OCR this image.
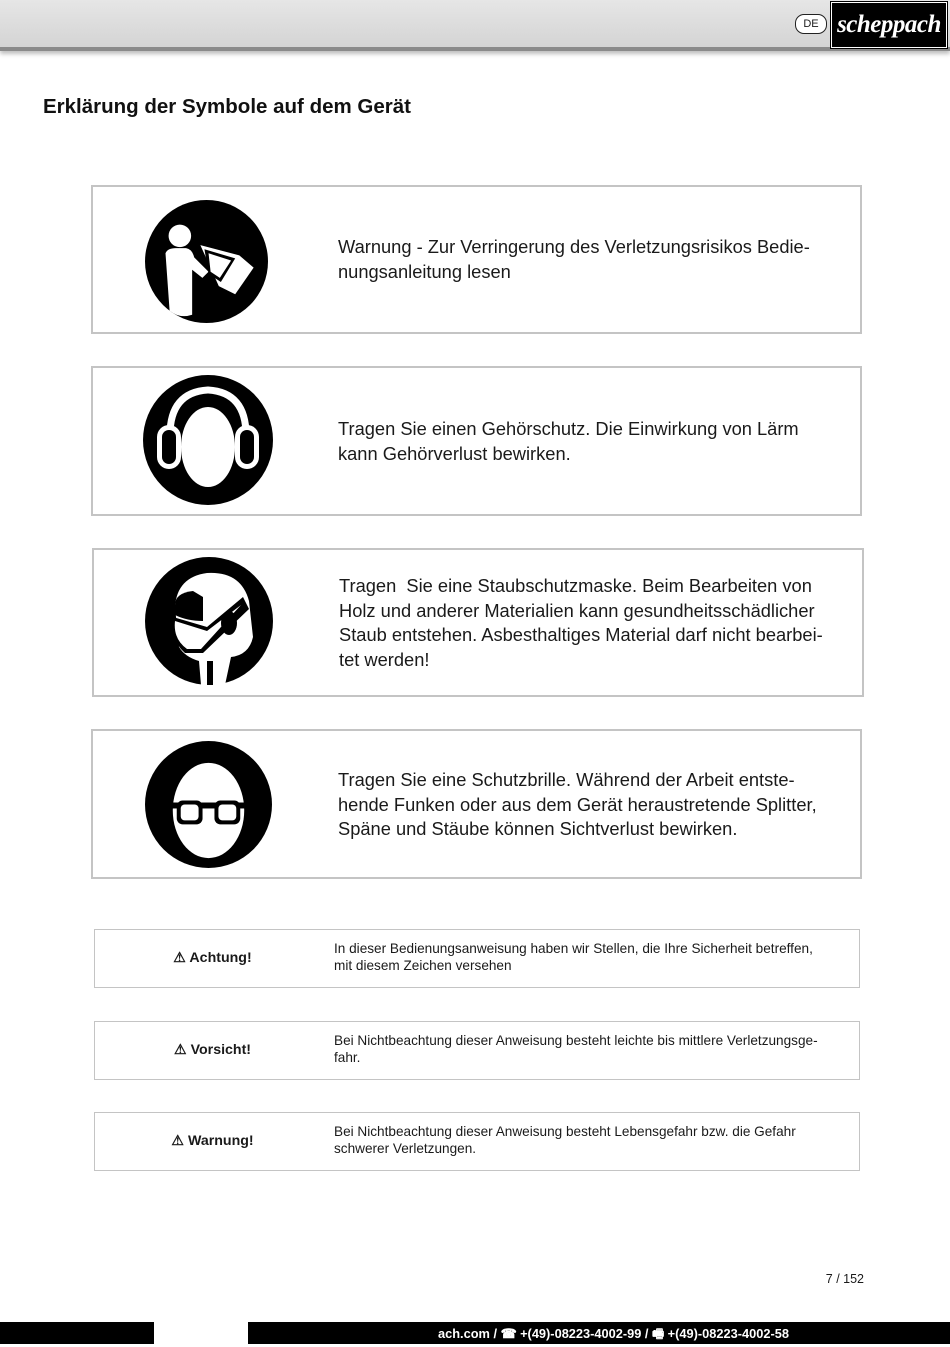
DE scheppach
Erklärung der Symbole auf dem Gerät
Warnung - Zur Verringerung des Verletzungsrisikos Bedie-
nungsanleitung lesen
Tragen Sie einen Gehörschutz. Die Einwirkung von Lärm
kann Gehörverlust bewirken.
Tragen  Sie eine Staubschutzmaske. Beim Bearbeiten von
Holz und anderer Materialien kann gesundheitsschädlicher
Staub entstehen. Asbesthaltiges Material darf nicht bearbei-
tet werden!
Tragen Sie eine Schutzbrille. Während der Arbeit entste-
hende Funken oder aus dem Gerät heraustretende Splitter,
Späne und Stäube können Sichtverlust bewirken.
⚠ Achtung!
In dieser Bedienungsanweisung haben wir Stellen, die Ihre Sicherheit betreffen,
mit diesem Zeichen versehen
⚠ Vorsicht!
Bei Nichtbeachtung dieser Anweisung besteht leichte bis mittlere Verletzungsge-
fahr.
⚠ Warnung!
Bei Nichtbeachtung dieser Anweisung besteht Lebensgefahr bzw. die Gefahr
schwerer Verletzungen.
7 / 152
ach.com / ☎ +(49)-08223-4002-99 / 🖷 +(49)-08223-4002-58
